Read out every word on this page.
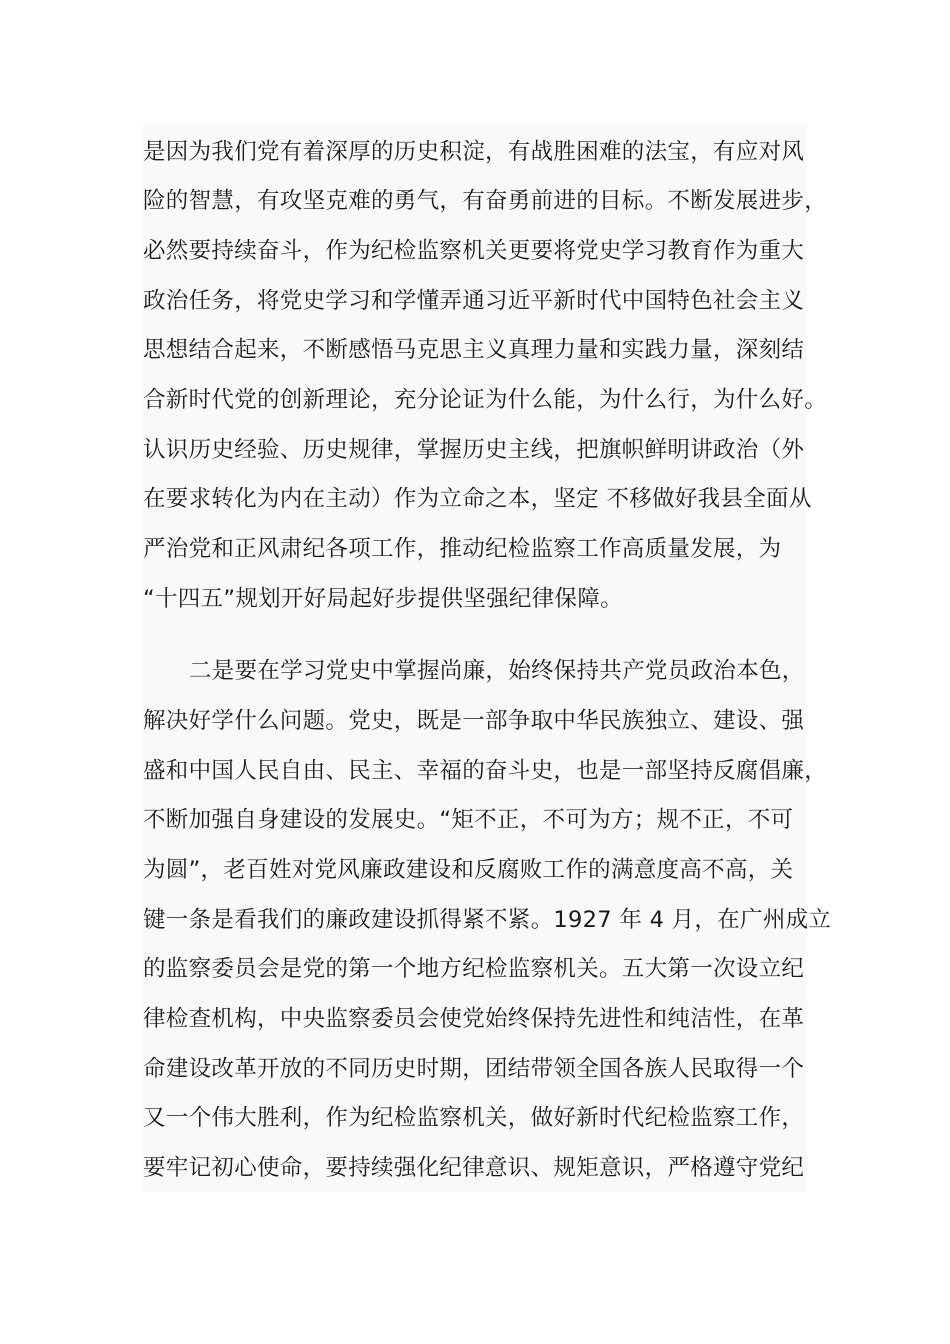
是因为我们党有着深厚的历史积淀，有战胜困难的法宝，有应对风
险的智慧，有攻坚克难的勇气，有奋勇前进的目标。不断发展进步，
必然要持续奋斗，作为纪检监察机关更要将党史学习教育作为重大
政治任务，将党史学习和学懂弄通习近平新时代中国特色社会主义
思想结合起来，不断感悟马克思主义真理力量和实践力量，深刻结
合新时代党的创新理论，充分论证为什么能，为什么行，为什么好。
认识历史经验、历史规律，掌握历史主线，把旗帜鲜明讲政治（外
在要求转化为内在主动）作为立命之本，坚定 不移做好我县全面从
严治党和正风肃纪各项工作，推动纪检监察工作高质量发展，为
“十四五”规划开好局起好步提供坚强纪律保障。
二是要在学习党史中掌握尚廉，始终保持共产党员政治本色，
解决好学什么问题。党史，既是一部争取中华民族独立、建设、强
盛和中国人民自由、民主、幸福的奋斗史，也是一部坚持反腐倡廉，
不断加强自身建设的发展史。“矩不正，不可为方；规不正，不可
为圆”，老百姓对党风廉政建设和反腐败工作的满意度高不高，关
键一条是看我们的廉政建设抓得紧不紧。1927 年 4 月，在广州成立
的监察委员会是党的第一个地方纪检监察机关。五大第一次设立纪
律检查机构，中央监察委员会使党始终保持先进性和纯洁性，在革
命建设改革开放的不同历史时期，团结带领全国各族人民取得一个
又一个伟大胜利，作为纪检监察机关，做好新时代纪检监察工作，
要牢记初心使命，要持续强化纪律意识、规矩意识，严格遵守党纪
